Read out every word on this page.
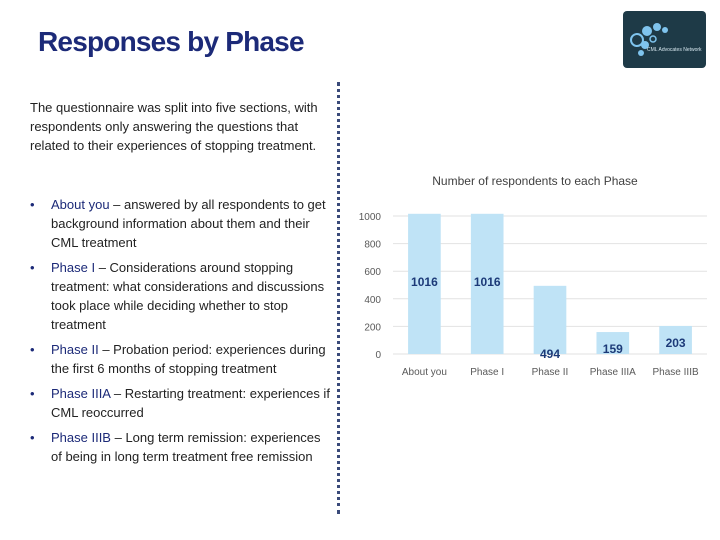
Responses by Phase	CML Advocates Network
The questionnaire was split into five sections, with respondents only answering the questions that related to their experiences of stopping treatment.
• About you – answered by all respondents to get background information about them and their CML treatment
• Phase I – Considerations around stopping treatment: what considerations and discussions took place while deciding whether to stop treatment
• Phase II – Probation period: experiences during the first 6 months of stopping treatment
• Phase IIIA – Restarting treatment: experiences if CML reoccurred
• Phase IIIB – Long term remission: experiences of being in long term treatment free remission
Number of respondents to each Phase
0
200
400
600
800
1000
1016
About you
1016
Phase I
494
Phase II
159
Phase IIIA
203
Phase IIIB
